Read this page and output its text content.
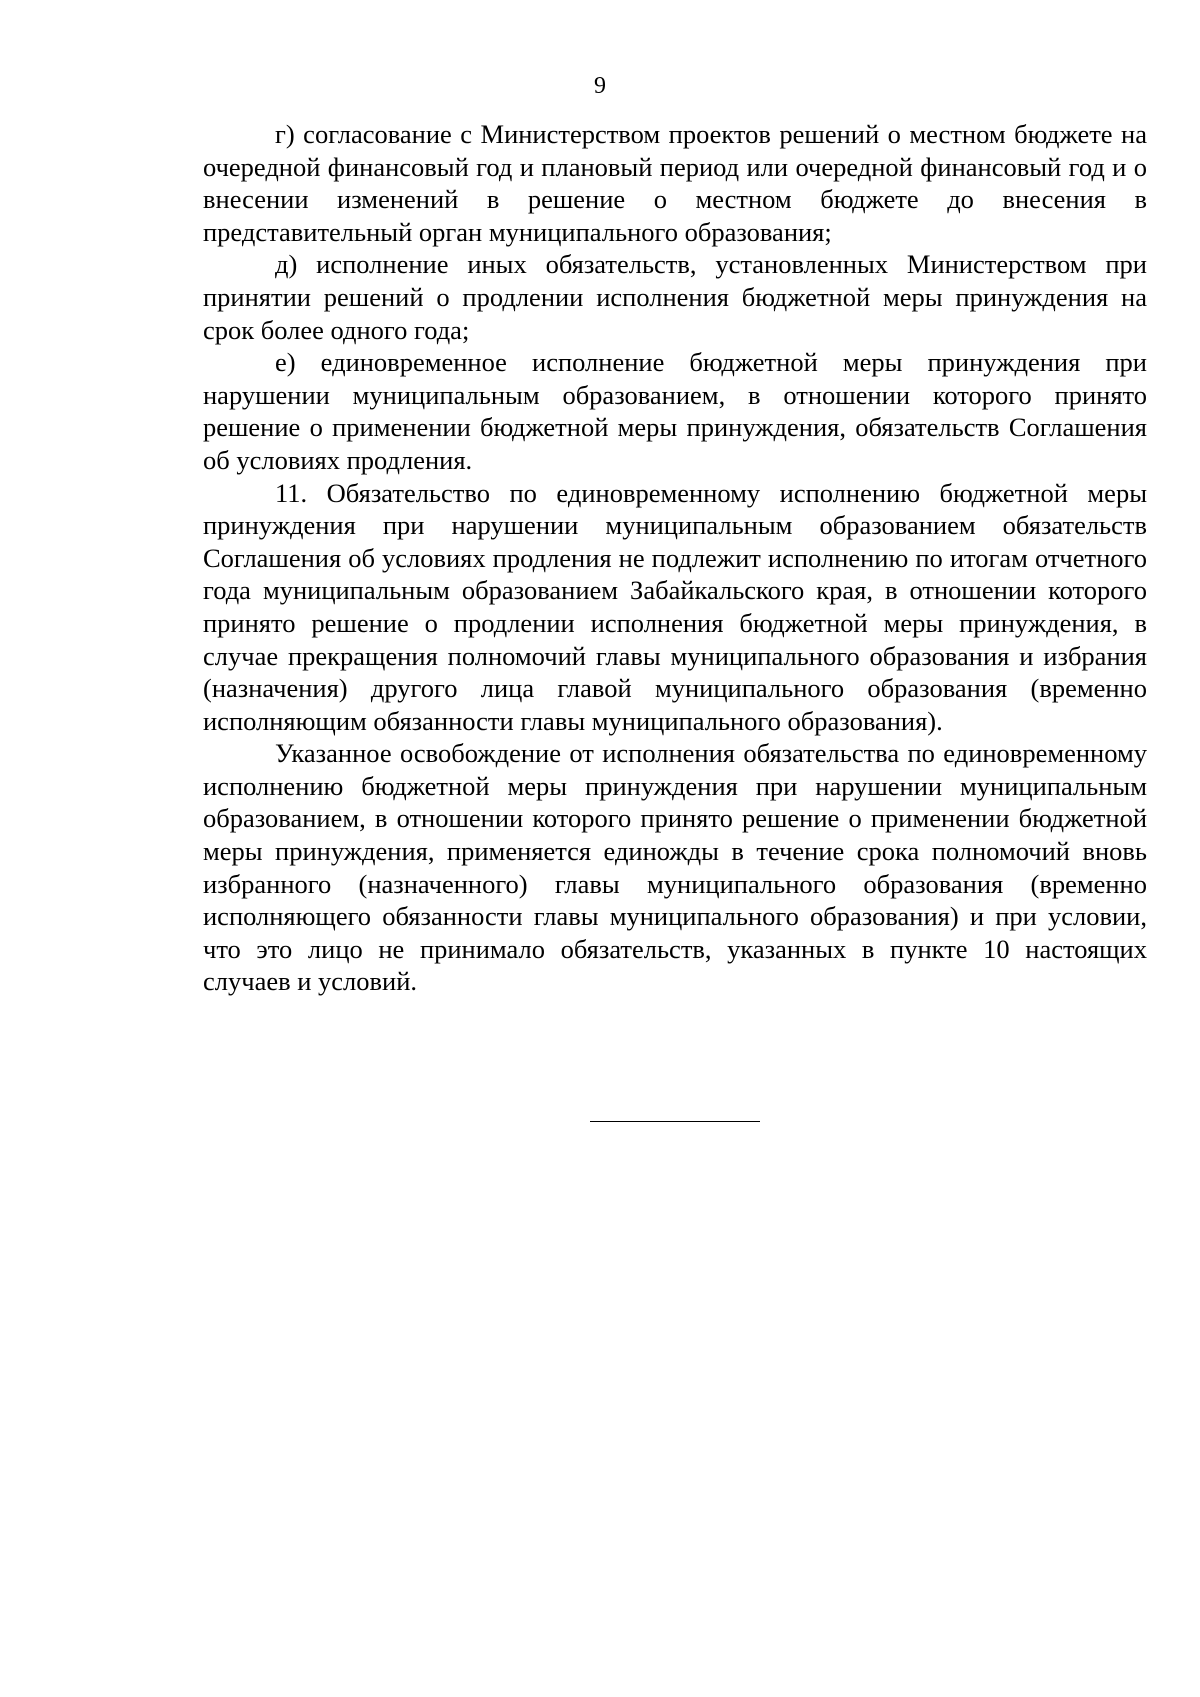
9

г) согласование с Министерством проектов решений о местном бюджете на очередной финансовый год и плановый период или очередной финансовый год и о внесении изменений в решение о местном бюджете до внесения в представительный орган муниципального образования;

д) исполнение иных обязательств, установленных Министерством при принятии решений о продлении исполнения бюджетной меры принуждения на срок более одного года;

е) единовременное исполнение бюджетной меры принуждения при нарушении муниципальным образованием, в отношении которого принято решение о применении бюджетной меры принуждения, обязательств Соглашения об условиях продления.

11. Обязательство по единовременному исполнению бюджетной меры принуждения при нарушении муниципальным образованием обязательств Соглашения об условиях продления не подлежит исполнению по итогам отчетного года муниципальным образованием Забайкальского края, в отношении которого принято решение о продлении исполнения бюджетной меры принуждения, в случае прекращения полномочий главы муниципального образования и избрания (назначения) другого лица главой муниципального образования (временно исполняющим обязанности главы муниципального образования).

Указанное освобождение от исполнения обязательства по единовременному исполнению бюджетной меры принуждения при нарушении муниципальным образованием, в отношении которого принято решение о применении бюджетной меры принуждения, применяется единожды в течение срока полномочий вновь избранного (назначенного) главы муниципального образования (временно исполняющего обязанности главы муниципального образования) и при условии, что это лицо не принимало обязательств, указанных в пункте 10 настоящих случаев и условий.
